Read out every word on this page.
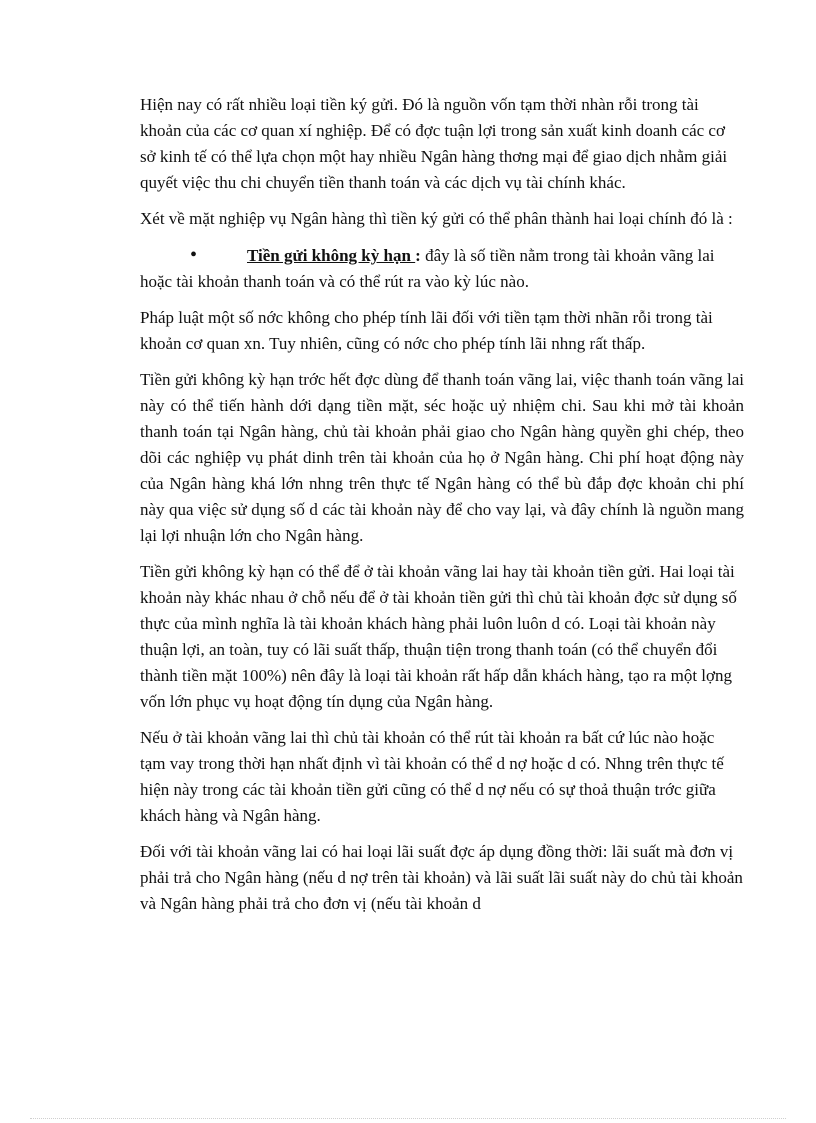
Hiện nay có rất nhiều loại tiền ký gửi. Đó là nguồn vốn tạm thời nhàn rỗi trong tài khoản của các cơ quan xí nghiệp. Để có đợc tuận lợi trong sản xuất kinh doanh các cơ sở kinh tế có thể lựa chọn một hay nhiều Ngân hàng thơng mại để giao dịch nhằm giải quyết việc thu chi chuyển tiền thanh toán và các dịch vụ tài chính khác.

Xét về mặt nghiệp vụ Ngân hàng thì tiền ký gửi có thể phân thành hai loại chính đó là :

•Tiền gửi không kỳ hạn : đây là số tiền nằm trong tài khoản vãng lai hoặc tài khoản thanh toán và có thể rút ra vào kỳ lúc nào.

Pháp luật một số nớc không cho phép tính lãi đối với tiền tạm thời nhãn rỗi trong tài khoản cơ quan xn. Tuy nhiên, cũng có nớc cho phép tính lãi nhng rất thấp.

Tiền gửi không kỳ hạn trớc hết đợc dùng để thanh toán vãng lai, việc thanh toán vãng lai này có thể tiến hành dới dạng tiền mặt, séc hoặc uỷ nhiệm chi. Sau khi mở tài khoản thanh toán tại Ngân hàng, chủ tài khoản phải giao cho Ngân hàng quyền ghi chép, theo dõi các nghiệp vụ phát dinh trên tài khoản của họ ở Ngân hàng. Chi phí hoạt động này của Ngân hàng khá lớn nhng trên thực tế Ngân hàng có thể bù đắp đợc khoản chi phí này qua việc sử dụng số d các tài khoản này để cho vay lại, và đây chính là nguồn mang lại lợi nhuận lớn cho Ngân hàng.

Tiền gửi không kỳ hạn có thể để ở tài khoản vãng lai hay tài khoản tiền gửi. Hai loại tài khoản này khác nhau ở chỗ nếu để ở tài khoản tiền gửi thì chủ tài khoản đợc sử dụng số thực của mình nghĩa là tài khoản khách hàng phải luôn luôn d có. Loại tài khoản này thuận lợi, an toàn, tuy có lãi suất thấp, thuận tiện trong thanh toán (có thể chuyển đổi thành tiền mặt 100%) nên đây là loại tài khoản rất hấp dẫn khách hàng, tạo ra một lợng vốn lớn phục vụ hoạt động tín dụng của Ngân hàng.

Nếu ở tài khoản vãng lai thì chủ tài khoản có thể rút tài khoản ra bất cứ lúc nào hoặc tạm vay trong thời hạn nhất định vì tài khoản có thể d nợ hoặc d có. Nhng trên thực tế hiện này trong các tài khoản tiền gửi cũng có thể d nợ nếu có sự thoả thuận trớc giữa khách hàng và Ngân hàng.

Đối với tài khoản vãng lai có hai loại lãi suất đợc áp dụng đồng thời: lãi suất mà đơn vị phải trả cho Ngân hàng (nếu d nợ trên tài khoản) và lãi suất lãi suất này do chủ tài khoản và Ngân hàng phải trả cho đơn vị (nếu tài khoản d
